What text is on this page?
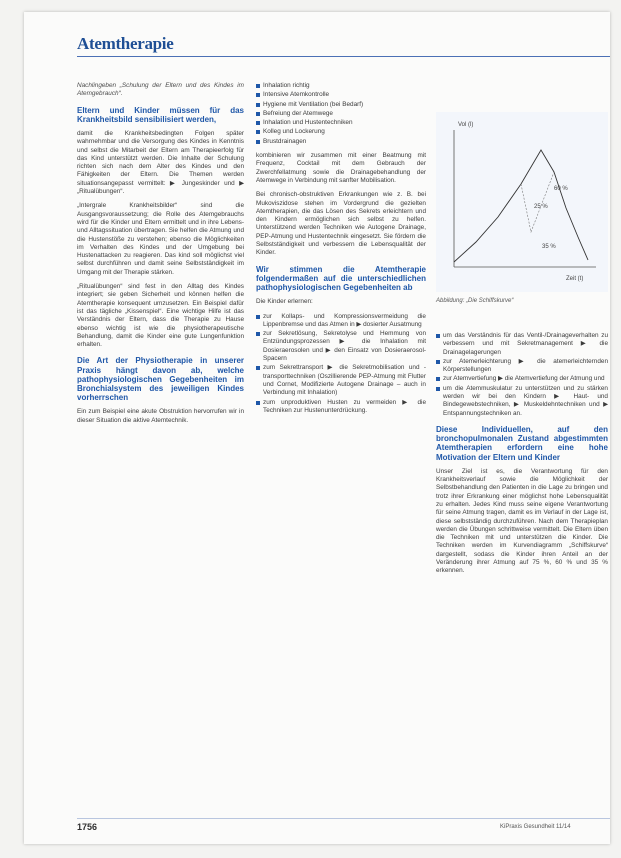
Atemtherapie

Nachlingeben „Schulung der Eltern und des Kindes im Atemgebrauch“.

Eltern und Kinder müssen für das Krankheitsbild sensibilisiert werden,

damit die Krankheitsbedingten Folgen später wahrnehmbar und die Versorgung des Kindes in Kenntnis und selbst die Mitarbeit der Eltern am Therapieerfolg für das Kind unterstützt werden. Die Inhalte der Schulung richten sich nach dem Alter des Kindes und den Fähigkeiten der Eltern. Die Themen werden situationsangepasst vermittelt: ▶ Jungeskinder und ▶ „Ritualübungen“.

„Intergrale Krankheitsbilder“ sind die Ausgangsvoraussetzung; die Rolle des Atemgebrauchs wird für die Kinder und Eltern ermittelt und in ihre Lebens- und Alltagssituation übertragen. Sie helfen die Atmung und die Hustenstöße zu verstehen; ebenso die Möglichkeiten im Verhalten des Kindes und der Umgebung bei Hustenattacken zu reagieren. Das kind soll möglichst viel selbst durchführen und damit seine Selbstständigkeit im Umgang mit der Therapie stärken.

„Ritualübungen“ sind fest in den Alltag des Kindes integriert; sie geben Sicherheit und können helfen die Atemtherapie konsequent umzusetzen. Ein Beispiel dafür ist das tägliche „Kissenspiel“. Eine wichtige Hilfe ist das Verständnis der Eltern, dass die Therapie zu Hause ebenso wichtig ist wie die physiotherapeutische Behandlung, damit die Kinder eine gute Lungenfunktion erhalten.

Die Art der Physiotherapie in unserer Praxis hängt davon ab, welche pathophysiologischen Gegebenheiten im Bronchialsystem des jeweiligen Kindes vorherrschen

Ein zum Beispiel eine akute Obstruktion hervorrufen wir in dieser Situation die aktive Atemtechnik.

Inhalation richtig
Intensive Atemkontrolle
Hygiene mit Ventilation (bei Bedarf)
Befreiung der Atemwege
Inhalation und Hustentechniken
Kolleg und Lockerung
Brustdrainagen

kombinieren wir zusammen mit einer Beatmung mit Frequenz, Cocktail mit dem Gebrauch der Zwerchfellatmung sowie die Drainagebehandlung der Atemwege in Verbindung mit sanfter Mobilisation.

Bei chronisch-obstruktiven Erkrankungen wie z. B. bei Mukoviszidose stehen im Vordergrund die gezielten Atemtherapien, die das Lösen des Sekrets erleichtern und den Kindern ermöglichen sich selbst zu helfen. Unterstützend werden Techniken wie Autogene Drainage, PEP-Atmung und Hustentechnik eingesetzt. Sie fördern die Selbstständigkeit und verbessern die Lebensqualität der Kinder.

Wir stimmen die Atemtherapie folgendermaßen auf die unterschiedlichen pathophysiologischen Gegebenheiten ab

Die Kinder erlernen:

zur Kollaps- und Kompressionsvermeidung die Lippenbremse und das Atmen in ▶ dosierter Ausatmung
zur Sekretlösung, Sekretolyse und Hemmung von Entzündungsprozessen ▶ die Inhalation mit Dosieraerosolen und ▶ den Einsatz von Dosieraerosol-Spacern
zum Sekrettransport ▶ die Sekretmobilisation und -transporttechniken (Oszillierende PEP-Atmung mit Flutter und Cornet, Modifizierte Autogene Drainage – auch in Verbindung mit Inhalation)
zum unproduktiven Husten zu vermeiden ▶ die Techniken zur Hustenunterdrückung.
Vol (l)
Zeit (t)
60 %
35 %
25 %
Abbildung: „Die Schiffskurve“
um das Verständnis für das Ventil-/Drainageverhalten zu verbessern und mit Sekretmanagement ▶ die Drainagelagerungen
zur Atemerleichterung ▶ die atemerleichternden Körperstellungen
zur Atemvertiefung ▶ die Atemvertiefung der Atmung und
um die Atemmuskulatur zu unterstützen und zu stärken werden wir bei den Kindern ▶ Haut- und Bindegewebstechniken, ▶ Muskeldehntechniken und ▶ Entspannungstechniken an.
Diese Individuellen, auf den bronchopulmonalen Zustand abgestimmten Atemtherapien erfordern eine hohe Motivation der Eltern und Kinder

Unser Ziel ist es, die Verantwortung für den Krankheitsverlauf sowie die Möglichkeit der Selbstbehandlung den Patienten in die Lage zu bringen und trotz ihrer Erkrankung einer möglichst hohe Lebensqualität zu erhalten. Jedes Kind muss seine eigene Verantwortung für seine Atmung tragen, damit es im Verlauf in der Lage ist, diese selbstständig durchzuführen. Nach dem Therapieplan werden die Übungen schrittweise vermittelt. Die Eltern üben die Techniken mit und unterstützen die Kinder. Die Techniken werden im Kurvendiagramm „Schiffskurve“ dargestellt, sodass die Kinder ihren Anteil an der Veränderung ihrer Atmung auf 75 %, 60 % und 35 % erkennen.

1756	KiPraxis Gesundheit 11/14
